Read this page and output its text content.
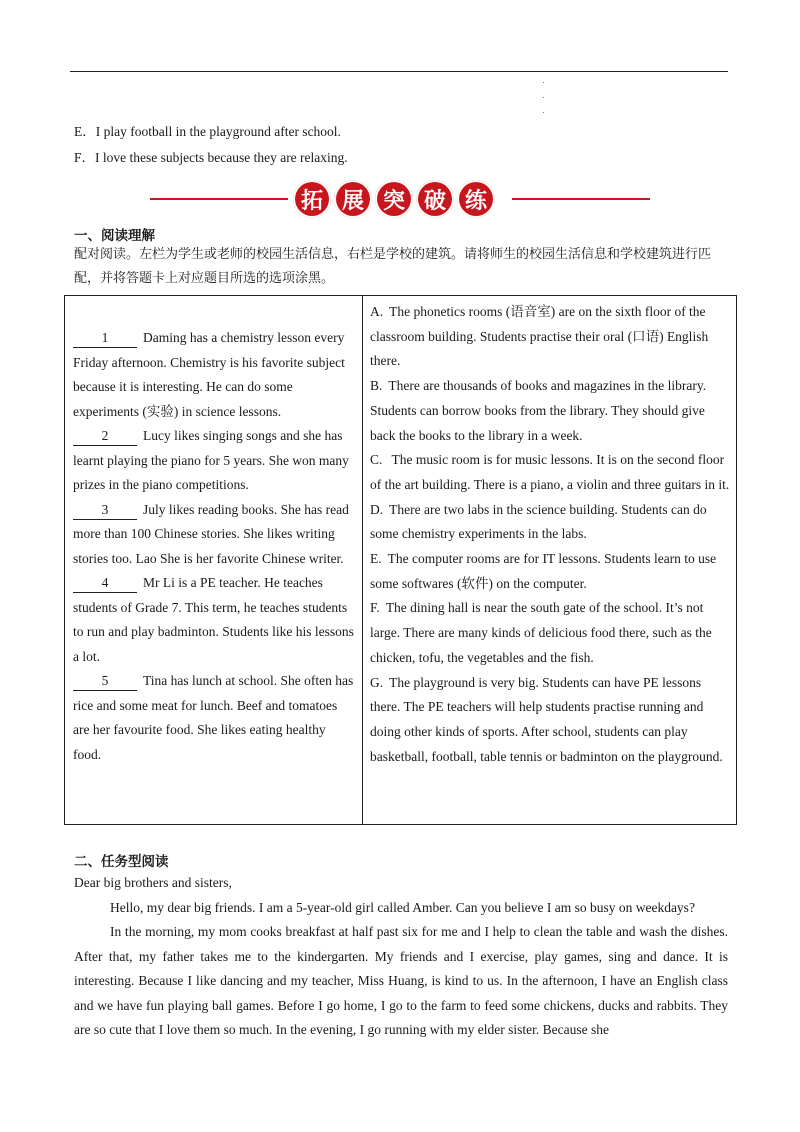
E．I play football in the playground after school.
F．I love these subjects because they are relaxing.
拓 展 突 破 练
一、阅读理解
配对阅读。左栏为学生或老师的校园生活信息，右栏是学校的建筑。请将师生的校园生活信息和学校建筑进行匹配，并将答题卡上对应题目所选的选项涂黑。
1	Daming has a chemistry lesson every Friday afternoon. Chemistry is his favorite subject because it is interesting. He can do some experiments (实验) in science lessons.
2	Lucy likes singing songs and she has learnt playing the piano for 5 years. She won many prizes in the piano competitions.
3	July likes reading books. She has read more than 100 Chinese stories. She likes writing stories too. Lao She is her favorite Chinese writer.
4	Mr Li is a PE teacher. He teaches students of Grade 7. This term, he teaches students to run and play badminton. Students like his lessons a lot.
5	Tina has lunch at school. She often has rice and some meat for lunch. Beef and tomatoes are her favourite food. She likes eating healthy food.

A. The phonetics rooms (语音室) are on the sixth floor of the classroom building. Students practise their oral (口语) English there.
B. There are thousands of books and magazines in the library. Students can borrow books from the library. They should give back the books to the library in a week.
C. The music room is for music lessons. It is on the second floor of the art building. There is a piano, a violin and three guitars in it.
D. There are two labs in the science building. Students can do some chemistry experiments in the labs.
E. The computer rooms are for IT lessons. Students learn to use some softwares (软件) on the computer.
F. The dining hall is near the south gate of the school. It’s not large. There are many kinds of delicious food there, such as the chicken, tofu, the vegetables and the fish.
G. The playground is very big. Students can have PE lessons there. The PE teachers will help students practise running and doing other kinds of sports. After school, students can play basketball, football, table tennis or badminton on the playground.
二、任务型阅读

Dear big brothers and sisters,

Hello, my dear big friends. I am a 5-year-old girl called Amber. Can you believe I am so busy on weekdays?

In the morning, my mom cooks breakfast at half past six for me and I help to clean the table and wash the dishes. After that, my father takes me to the kindergarten. My friends and I exercise, play games, sing and dance. It is interesting. Because I like dancing and my teacher, Miss Huang, is kind to us. In the afternoon, I have an English class and we have fun playing ball games. Before I go home, I go to the farm to feed some chickens, ducks and rabbits. They are so cute that I love them so much. In the evening, I go running with my elder sister. Because she
